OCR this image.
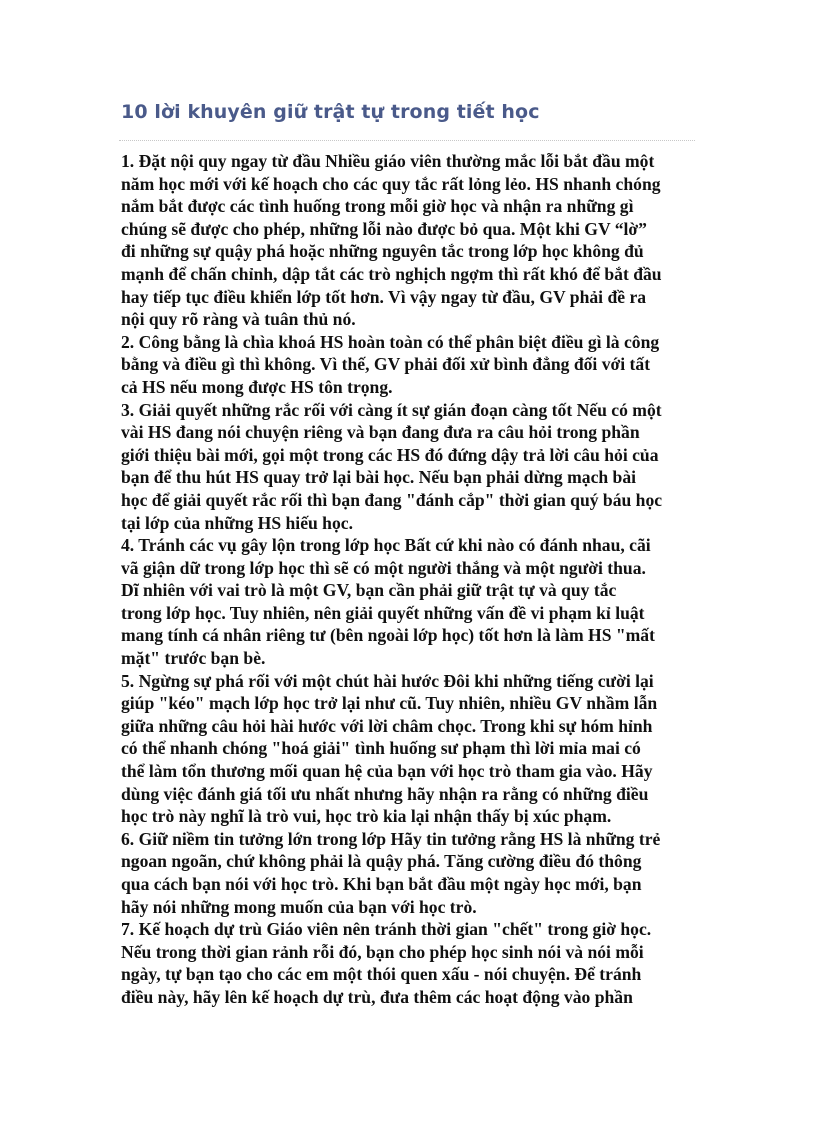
10 lời khuyên giữ trật tự trong tiết học
1. Đặt nội quy ngay từ đầu Nhiều giáo viên thường mắc lỗi bắt đầu một
năm học mới với kế hoạch cho các quy tắc rất lỏng lẻo. HS nhanh chóng
nắm bắt được các tình huống trong mỗi giờ học và nhận ra những gì
chúng sẽ được cho phép, những lỗi nào được bỏ qua. Một khi GV “lờ”
đi những sự quậy phá hoặc những nguyên tắc trong lớp học không đủ
mạnh để chấn chỉnh, dập tắt các trò nghịch ngợm thì rất khó để bắt đầu
hay tiếp tục điều khiển lớp tốt hơn. Vì vậy ngay từ đầu, GV phải đề ra
nội quy rõ ràng và tuân thủ nó.
2. Công bằng là chìa khoá HS hoàn toàn có thể phân biệt điều gì là công
bằng và điều gì thì không. Vì thế, GV phải đối xử bình đẳng đối với tất
cả HS nếu mong được HS tôn trọng.
3. Giải quyết những rắc rối với càng ít sự gián đoạn càng tốt Nếu có một
vài HS đang nói chuyện riêng và bạn đang đưa ra câu hỏi trong phần
giới thiệu bài mới, gọi một trong các HS đó đứng dậy trả lời câu hỏi của
bạn để thu hút HS quay trở lại bài học. Nếu bạn phải dừng mạch bài
học để giải quyết rắc rối thì bạn đang "đánh cắp" thời gian quý báu học
tại lớp của những HS hiếu học.
4. Tránh các vụ gây lộn trong lớp học Bất cứ khi nào có đánh nhau, cãi
vã giận dữ trong lớp học thì sẽ có một người thắng và một người thua.
Dĩ nhiên với vai trò là một GV, bạn cần phải giữ trật tự và quy tắc
trong lớp học. Tuy nhiên, nên giải quyết những vấn đề vi phạm kỉ luật
mang tính cá nhân riêng tư (bên ngoài lớp học) tốt hơn là làm HS "mất
mặt" trước bạn bè.
5. Ngừng sự phá rối với một chút hài hước Đôi khi những tiếng cười lại
giúp "kéo" mạch lớp học trở lại như cũ. Tuy nhiên, nhiều GV nhầm lẫn
giữa những câu hỏi hài hước với lời châm chọc. Trong khi sự hóm hỉnh
có thể nhanh chóng "hoá giải" tình huống sư phạm thì lời mỉa mai có
thể làm tổn thương mối quan hệ của bạn với học trò tham gia vào. Hãy
dùng việc đánh giá tối ưu nhất nhưng hãy nhận ra rằng có những điều
học trò này nghĩ là trò vui, học trò kia lại nhận thấy bị xúc phạm.
6. Giữ niềm tin tưởng lớn trong lớp Hãy tin tưởng rằng HS là những trẻ
ngoan ngoãn, chứ không phải là quậy phá. Tăng cường điều đó thông
qua cách bạn nói với học trò. Khi bạn bắt đầu một ngày học mới, bạn
hãy nói những mong muốn của bạn với học trò.
7. Kế hoạch dự trù Giáo viên nên tránh thời gian "chết" trong giờ học.
Nếu trong thời gian rảnh rỗi đó, bạn cho phép học sinh nói và nói mỗi
ngày, tự bạn tạo cho các em một thói quen xấu - nói chuyện. Để tránh
điều này, hãy lên kế hoạch dự trù, đưa thêm các hoạt động vào phần
